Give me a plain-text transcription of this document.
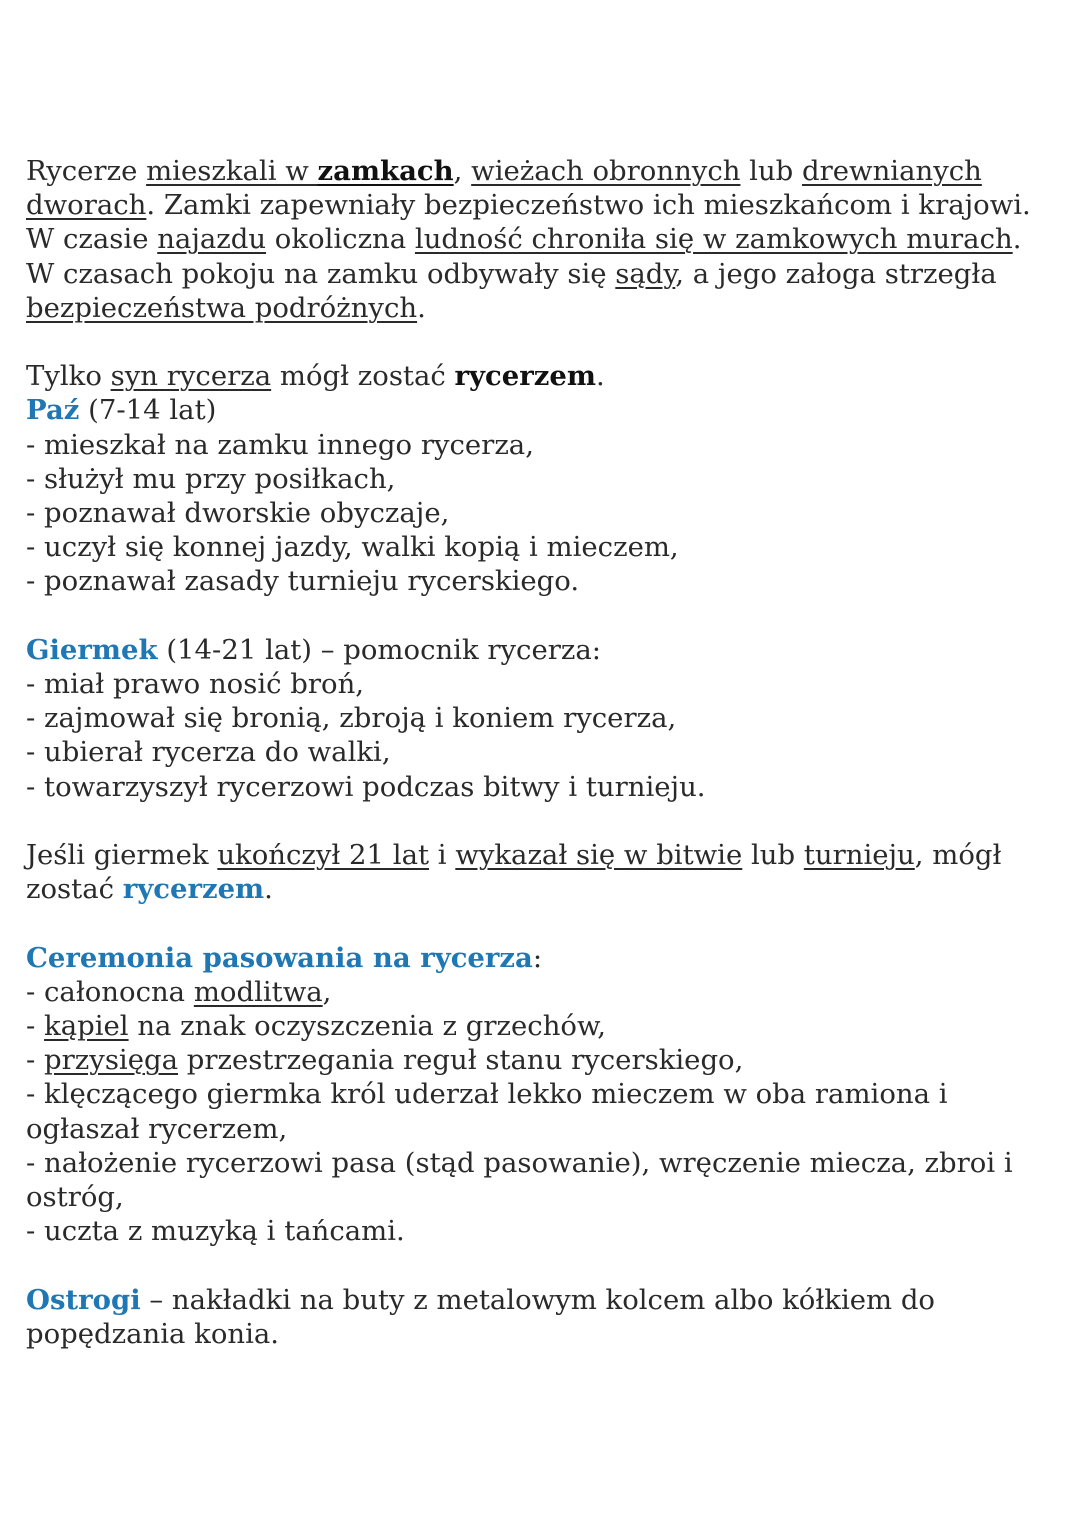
Rycerze mieszkali w zamkach, wieżach obronnych lub drewnianych
dworach. Zamki zapewniały bezpieczeństwo ich mieszkańcom i krajowi.
W czasie najazdu okoliczna ludność chroniła się w zamkowych murach.
W czasach pokoju na zamku odbywały się sądy, a jego załoga strzegła
bezpieczeństwa podróżnych.
Tylko syn rycerza mógł zostać rycerzem.
Paź (7-14 lat)
- mieszkał na zamku innego rycerza,
- służył mu przy posiłkach,
- poznawał dworskie obyczaje,
- uczył się konnej jazdy, walki kopią i mieczem,
- poznawał zasady turnieju rycerskiego.
Giermek (14-21 lat) – pomocnik rycerza:
- miał prawo nosić broń,
- zajmował się bronią, zbroją i koniem rycerza,
- ubierał rycerza do walki,
- towarzyszył rycerzowi podczas bitwy i turnieju.
Jeśli giermek ukończył 21 lat i wykazał się w bitwie lub turnieju, mógł
zostać rycerzem.
Ceremonia pasowania na rycerza:
- całonocna modlitwa,
- kąpiel na znak oczyszczenia z grzechów,
- przysięga przestrzegania reguł stanu rycerskiego,
- klęczącego giermka król uderzał lekko mieczem w oba ramiona i
ogłaszał rycerzem,
- nałożenie rycerzowi pasa (stąd pasowanie), wręczenie miecza, zbroi i
ostróg,
- uczta z muzyką i tańcami.
Ostrogi – nakładki na buty z metalowym kolcem albo kółkiem do
popędzania konia.
